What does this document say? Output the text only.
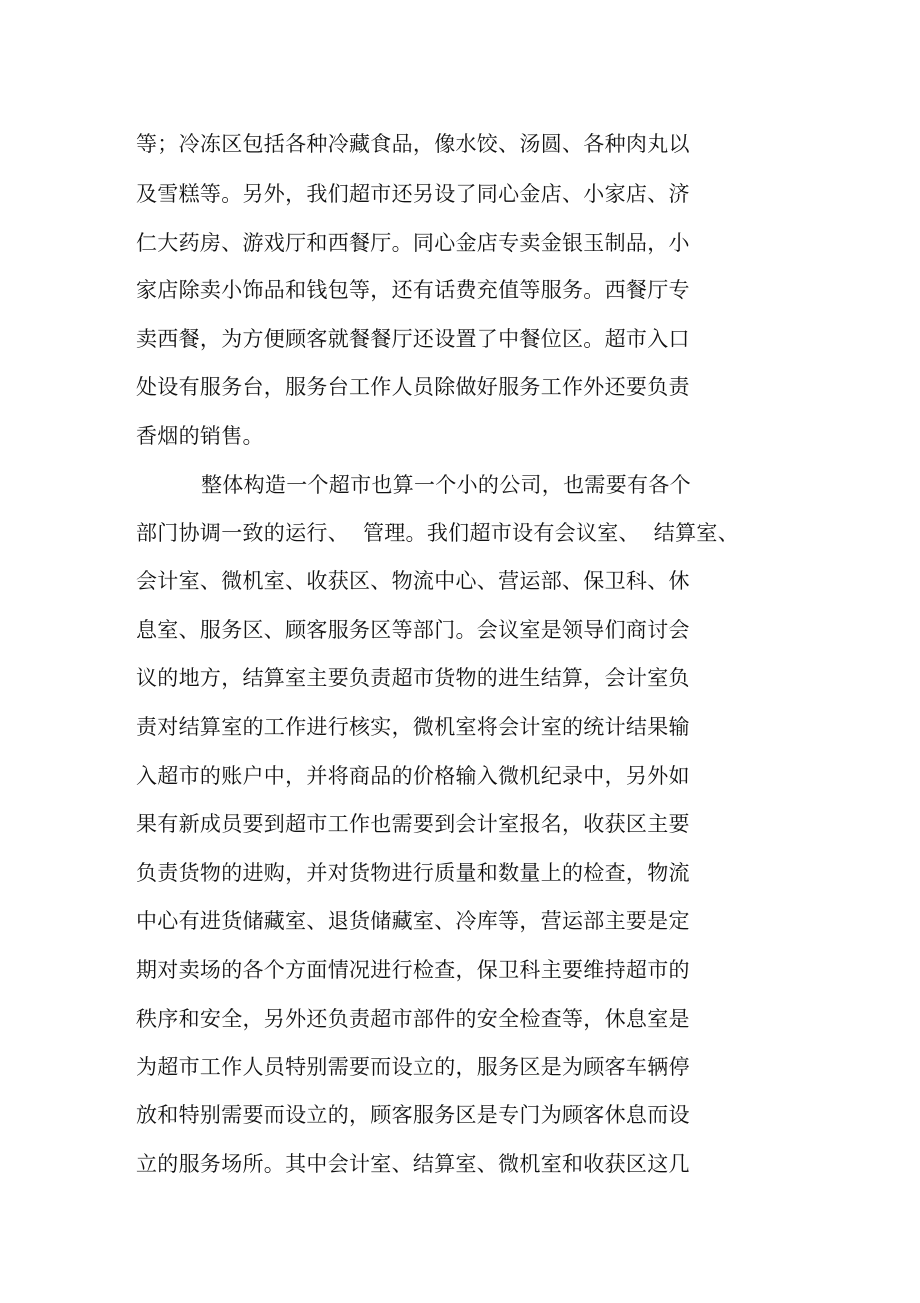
等；冷冻区包括各种冷藏食品，像水饺、汤圆、各种肉丸以
及雪糕等。另外，我们超市还另设了同心金店、小家店、济
仁大药房、游戏厅和西餐厅。同心金店专卖金银玉制品，小
家店除卖小饰品和钱包等，还有话费充值等服务。西餐厅专
卖西餐，为方便顾客就餐餐厅还设置了中餐位区。超市入口
处设有服务台，服务台工作人员除做好服务工作外还要负责
香烟的销售。
整体构造一个超市也算一个小的公司，也需要有各个
部门协调一致的运行、  管理。我们超市设有会议室、  结算室、
会计室、微机室、收获区、物流中心、营运部、保卫科、休
息室、服务区、顾客服务区等部门。会议室是领导们商讨会
议的地方，结算室主要负责超市货物的进生结算，会计室负
责对结算室的工作进行核实，微机室将会计室的统计结果输
入超市的账户中，并将商品的价格输入微机纪录中，另外如
果有新成员要到超市工作也需要到会计室报名，收获区主要
负责货物的进购，并对货物进行质量和数量上的检查，物流
中心有进货储藏室、退货储藏室、冷库等，营运部主要是定
期对卖场的各个方面情况进行检查，保卫科主要维持超市的
秩序和安全，另外还负责超市部件的安全检查等，休息室是
为超市工作人员特别需要而设立的，服务区是为顾客车辆停
放和特别需要而设立的，顾客服务区是专门为顾客休息而设
立的服务场所。其中会计室、结算室、微机室和收获区这几
